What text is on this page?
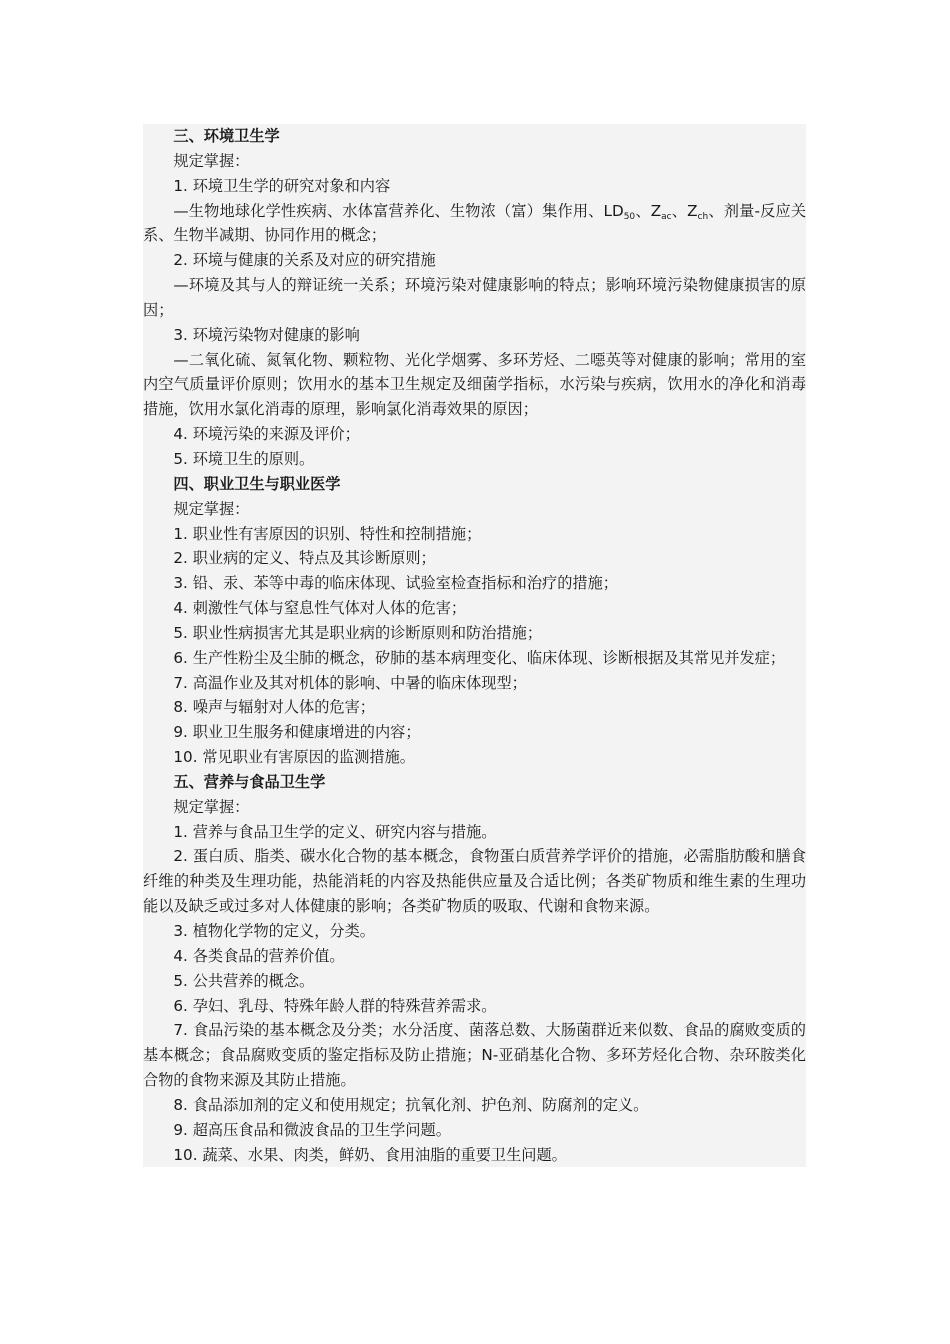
三、环境卫生学

规定掌握：

1. 环境卫生学的研究对象和内容

—生物地球化学性疾病、水体富营养化、生物浓（富）集作用、$LD_{50}$、$Z_{ac}$、$Z_{ch}$、剂量-反应关系、生物半减期、协同作用的概念；

2. 环境与健康的关系及对应的研究措施

—环境及其与人的辩证统一关系；环境污染对健康影响的特点；影响环境污染物健康损害的原因；

3. 环境污染物对健康的影响

—二氧化硫、氮氧化物、颗粒物、光化学烟雾、多环芳烃、二噁英等对健康的影响；常用的室内空气质量评价原则；饮用水的基本卫生规定及细菌学指标，水污染与疾病，饮用水的净化和消毒措施，饮用水氯化消毒的原理，影响氯化消毒效果的原因；

4. 环境污染的来源及评价；

5. 环境卫生的原则。

四、职业卫生与职业医学

规定掌握：

1. 职业性有害原因的识别、特性和控制措施；

2. 职业病的定义、特点及其诊断原则；

3. 铅、汞、苯等中毒的临床体现、试验室检查指标和治疗的措施；

4. 刺激性气体与窒息性气体对人体的危害；

5. 职业性病损害尤其是职业病的诊断原则和防治措施；

6. 生产性粉尘及尘肺的概念，矽肺的基本病理变化、临床体现、诊断根据及其常见并发症；

7. 高温作业及其对机体的影响、中暑的临床体现型；

8. 噪声与辐射对人体的危害；

9. 职业卫生服务和健康增进的内容；

10. 常见职业有害原因的监测措施。

五、营养与食品卫生学

规定掌握：

1. 营养与食品卫生学的定义、研究内容与措施。

2. 蛋白质、脂类、碳水化合物的基本概念，食物蛋白质营养学评价的措施，必需脂肪酸和膳食纤维的种类及生理功能，热能消耗的内容及热能供应量及合适比例；各类矿物质和维生素的生理功能以及缺乏或过多对人体健康的影响；各类矿物质的吸取、代谢和食物来源。

3. 植物化学物的定义，分类。

4. 各类食品的营养价值。

5. 公共营养的概念。

6. 孕妇、乳母、特殊年龄人群的特殊营养需求。

7. 食品污染的基本概念及分类；水分活度、菌落总数、大肠菌群近来似数、食品的腐败变质的基本概念；食品腐败变质的鉴定指标及防止措施；N-亚硝基化合物、多环芳烃化合物、杂环胺类化合物的食物来源及其防止措施。

8. 食品添加剂的定义和使用规定；抗氧化剂、护色剂、防腐剂的定义。

9. 超高压食品和微波食品的卫生学问题。

10. 蔬菜、水果、肉类，鲜奶、食用油脂的重要卫生问题。
